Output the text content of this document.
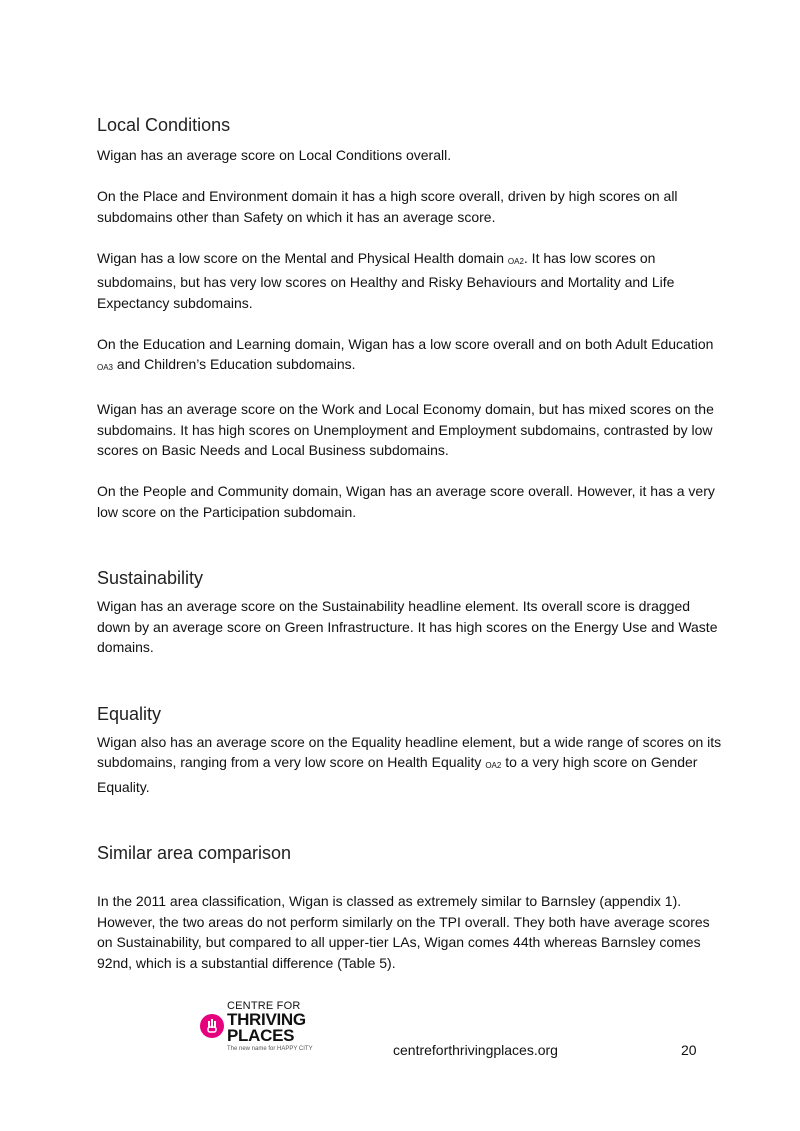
Local Conditions

Wigan has an average score on Local Conditions overall.

On the Place and Environment domain it has a high score overall, driven by high scores on all subdomains other than Safety on which it has an average score.

Wigan has a low score on the Mental and Physical Health domain $_{OA2}$. It has low scores on subdomains, but has very low scores on Healthy and Risky Behaviours and Mortality and Life Expectancy subdomains.

On the Education and Learning domain, Wigan has a low score overall and on both Adult Education $_{OA3}$ and Children’s Education subdomains.

Wigan has an average score on the Work and Local Economy domain, but has mixed scores on the subdomains. It has high scores on Unemployment and Employment subdomains, contrasted by low scores on Basic Needs and Local Business subdomains.

On the People and Community domain, Wigan has an average score overall. However, it has a very low score on the Participation subdomain.

Sustainability

Wigan has an average score on the Sustainability headline element. Its overall score is dragged down by an average score on Green Infrastructure. It has high scores on the Energy Use and Waste domains.

Equality

Wigan also has an average score on the Equality headline element, but a wide range of scores on its subdomains, ranging from a very low score on Health Equality $_{OA2}$ to a very high score on Gender Equality.

Similar area comparison

In the 2011 area classification, Wigan is classed as extremely similar to Barnsley (appendix 1). However, the two areas do not perform similarly on the TPI overall. They both have average scores on Sustainability, but compared to all upper-tier LAs, Wigan comes 44th whereas Barnsley comes 92nd, which is a substantial difference (Table 5).

CENTRE FOR
THRIVING
PLACES
The new name for HAPPY CITY	centreforthrivingplaces.org	20
